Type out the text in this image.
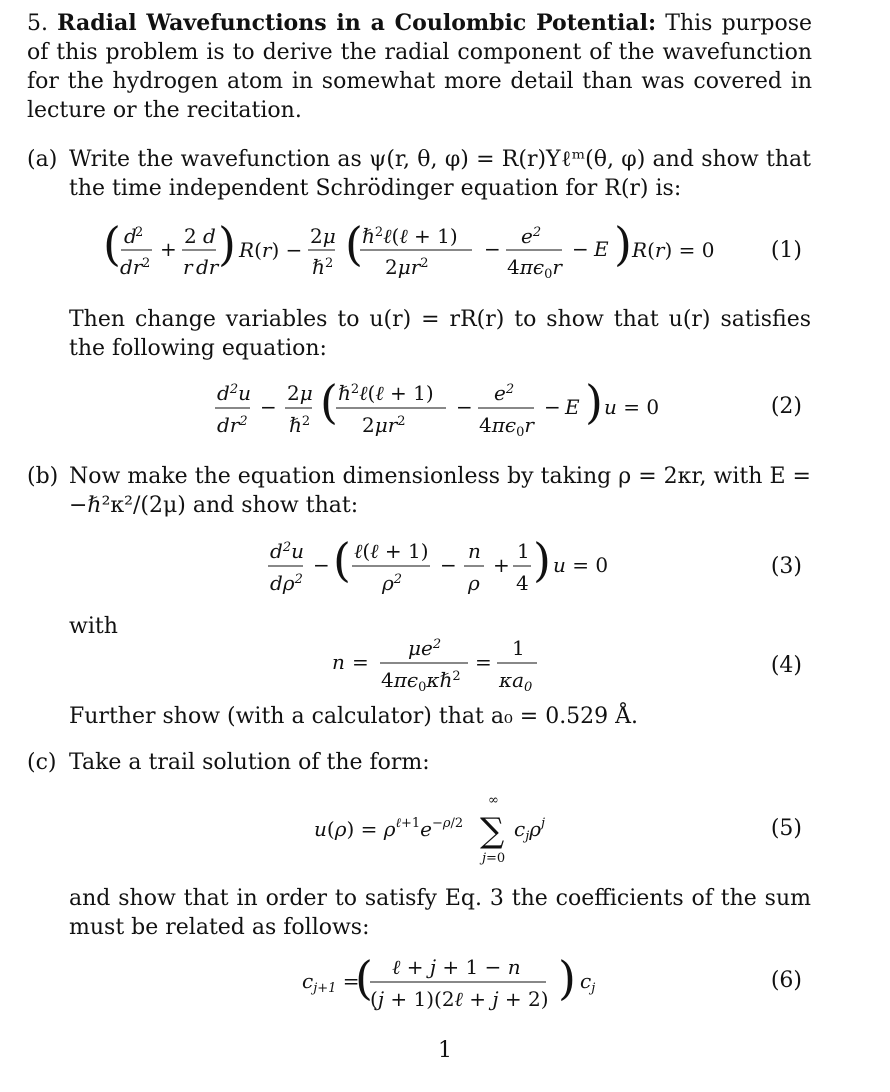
5. Radial Wavefunctions in a Coulombic Potential: This purpose of this problem is to derive the radial component of the wavefunction for the hydrogen atom in somewhat more detail than was covered in lecture or the recitation.
(a) Write the wavefunction as ψ(r, θ, φ) = R(r)Yℓᵐ(θ, φ) and show that the time independent Schrödinger equation for R(r) is:
( d
2
dr 2
+
2 d
r dr ) R(r) −
2μ
ℏ 2 ( ℏ$^2$ℓ(ℓ + 1)
$2\mu r^2$
−
$e^2$
$4\pi\epsilon_0r$
− E ) R(r) = 0	(1)
Then change variables to u(r) = rR(r) to show that u(r) satisfies the following equation:
$d^2u$
$dr^2$
−
2μ
ℏ$^2$ ( ℏ$^2$ℓ(ℓ + 1)
$2\mu r^2$
−
$e^2$
$4\pi\epsilon_0r$
− E ) u = 0	(2)
(b) Now make the equation dimensionless by taking ρ = 2κr, with E = −ℏ²κ²/(2μ) and show that:
$d^2u$
$d\rho^2$
− ( ℓ(ℓ + 1)
$\rho^2$
−
n
ρ
+
1
4 ) u = 0	(3)
with
n =
$\mu e^2$
$4\pi\epsilon_0\kappa\hbar^2$
=
1
$\kappa a_0$
(4)
Further show (with a calculator) that a₀ = 0.529 Å.
(c) Take a trail solution of the form:
$u(\rho) = \rho^\ell+1e^-\rho/2$ ∑
∞
j=0
$c_j\rho^j$	(5)
and show that in order to satisfy Eq. 3 the coefficients of the sum must be related as follows:
$c_j+1$ =
( ℓ + j + 1 − n
(j + 1)(2ℓ + j + 2) ) $c_j$	(6)
1
